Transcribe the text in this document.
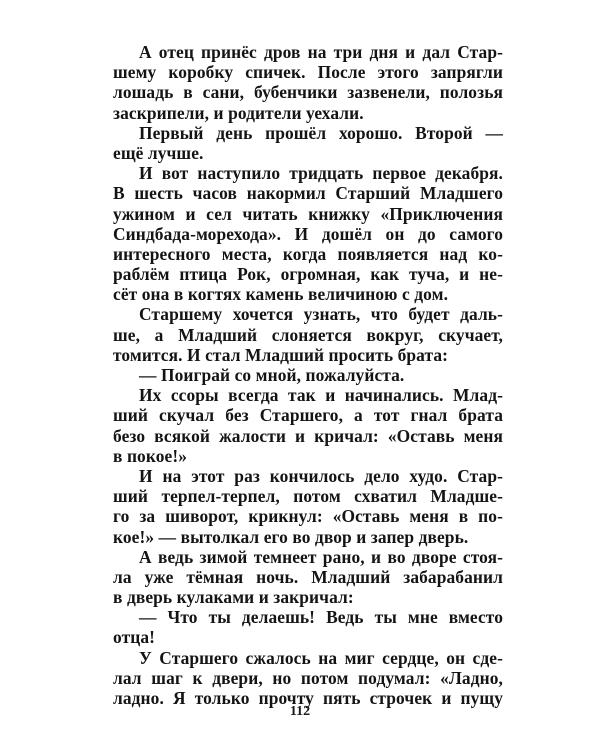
А отец принёс дров на три дня и дал Стар-
шему коробку спичек. После этого запрягли
лошадь в сани, бубенчики зазвенели, полозья
заскрипели, и родители уехали.
Первый день прошёл хорошо. Второй —
ещё лучше.
И вот наступило тридцать первое декабря.
В шесть часов накормил Старший Младшего
ужином и сел читать книжку «Приключения
Синдбада-морехода». И дошёл он до самого
интересного места, когда появляется над ко-
раблём птица Рок, огромная, как туча, и не-
сёт она в когтях камень величиною с дом.
Старшему хочется узнать, что будет даль-
ше, а Младший слоняется вокруг, скучает,
томится. И стал Младший просить брата:
— Поиграй со мной, пожалуйста.
Их ссоры всегда так и начинались. Млад-
ший скучал без Старшего, а тот гнал брата
безо всякой жалости и кричал: «Оставь меня
в покое!»
И на этот раз кончилось дело худо. Стар-
ший терпел-терпел, потом схватил Младше-
го за шиворот, крикнул: «Оставь меня в по-
кое!» — вытолкал его во двор и запер дверь.
А ведь зимой темнеет рано, и во дворе стоя-
ла уже тёмная ночь. Младший забарабанил
в дверь кулаками и закричал:
— Что ты делаешь! Ведь ты мне вместо
отца!
У Старшего сжалось на миг сердце, он сде-
лал шаг к двери, но потом подумал: «Ладно,
ладно. Я только прочту пять строчек и пущу
112
